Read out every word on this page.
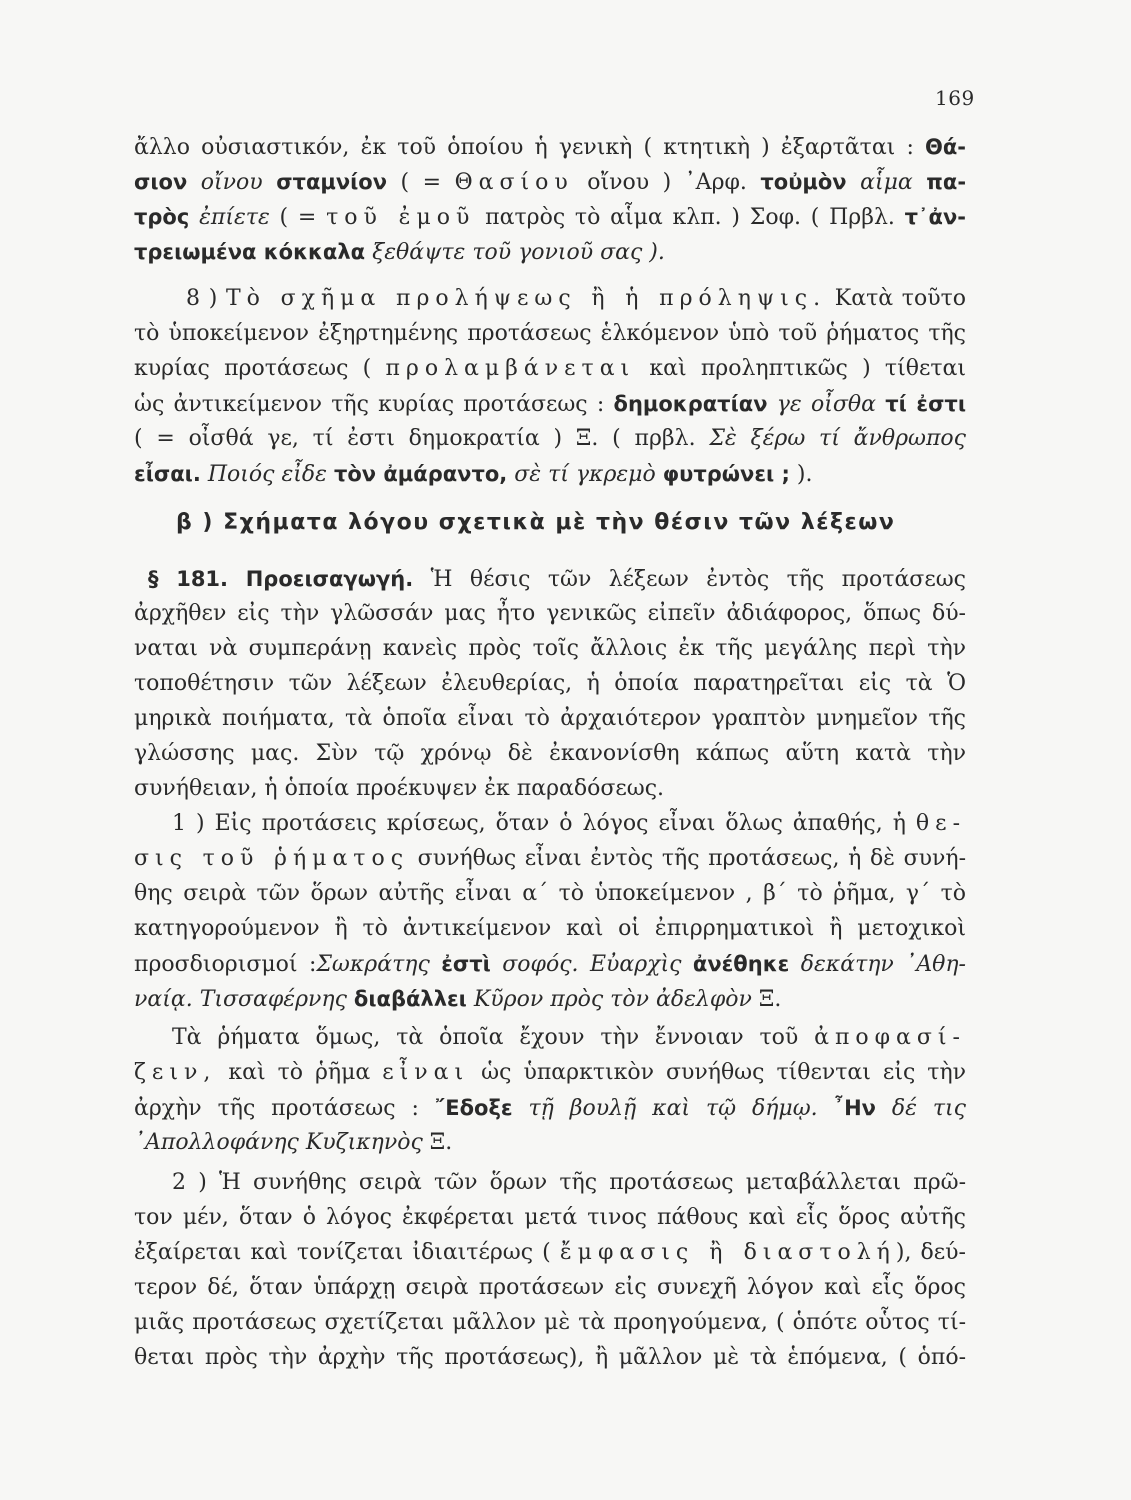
169
β ) Σχήματα λόγου σχετικὰ μὲ τὴν θέσιν τῶν λέξεων
ἄλλο οὐσιαστικόν, ἐκ τοῦ ὁποίου ἡ γενικὴ ( κτητικὴ ) ἐξαρτᾶται : Θά-
σιον οἴνου σταμνίον ( = Θασίου οἴνου ) ᾿Αρφ. τοὐμὸν αἷμα πα-
τρὸς ἐπίετε ( = τοῦ ἐμοῦ πατρὸς τὸ αἷμα κλπ. ) Σοφ. ( Πρβλ. τ᾿ἀν-
τρειωμένα κόκκαλα ξεθάψτε τοῦ γονιοῦ σας ).
8 ) Τὸ σχῆμα προλήψεως ἢ ἡ πρόληψις. Κατὰ τοῦτο
τὸ ὑποκείμενον ἐξηρτημένης προτάσεως ἑλκόμενον ὑπὸ τοῦ ῥήματος τῆς
κυρίας προτάσεως ( προλαμβάνεται καὶ προληπτικῶς ) τίθεται
ὡς ἀντικείμενον τῆς κυρίας προτάσεως : δημοκρατίαν γε οἶσθα τί ἐστι
( = οἶσθά γε, τί ἐστι δημοκρατία ) Ξ. ( πρβλ. Σὲ ξέρω τί ἄνθρωπος
εἶσαι. Ποιός εἶδε τὸν ἀμάραντο, σὲ τί γκρεμὸ φυτρώνει ; ).
§ 181. Προεισαγωγή. Ἡ θέσις τῶν λέξεων ἐντὸς τῆς προτάσεως
ἀρχῆθεν εἰς τὴν γλῶσσάν μας ἦτο γενικῶς εἰπεῖν ἀδιάφορος, ὅπως δύ-
ναται νὰ συμπεράνῃ κανεὶς πρὸς τοῖς ἄλλοις ἐκ τῆς μεγάλης περὶ τὴν
τοποθέτησιν τῶν λέξεων ἐλευθερίας, ἡ ὁποία παρατηρεῖται εἰς τὰ Ὁ
μηρικὰ ποιήματα, τὰ ὁποῖα εἶναι τὸ ἀρχαιότερον γραπτὸν μνημεῖον τῆς
γλώσσης μας. Σὺν τῷ χρόνῳ δὲ ἐκανονίσθη κάπως αὕτη κατὰ τὴν
συνήθειαν, ἡ ὁποία προέκυψεν ἐκ παραδόσεως.
1 ) Εἰς προτάσεις κρίσεως, ὅταν ὁ λόγος εἶναι ὅλως ἀπαθής, ἡ θε-
σις τοῦ ῥήματος συνήθως εἶναι ἐντὸς τῆς προτάσεως, ἡ δὲ συνή-
θης σειρὰ τῶν ὅρων αὐτῆς εἶναι α΄ τὸ ὑποκείμενον , β΄ τὸ ῥῆμα, γ΄ τὸ
κατηγορούμενον ἢ τὸ ἀντικείμενον καὶ οἱ ἐπιρρηματικοὶ ἢ μετοχικοὶ
προσδιορισμοί :Σωκράτης ἐστὶ σοφός. Εὐαρχὶς ἀνέθηκε δεκάτην ᾿Αθη-
ναίᾳ. Τισσαφέρνης διαβάλλει Κῦρον πρὸς τὸν ἀδελφὸν Ξ.
Τὰ ῥήματα ὅμως, τὰ ὁποῖα ἔχουν τὴν ἔννοιαν τοῦ ἀποφασί-
ζειν, καὶ τὸ ῥῆμα εἶναι ὡς ὑπαρκτικὸν συνήθως τίθενται εἰς τὴν
ἀρχὴν τῆς προτάσεως : ῎Εδοξε τῇ βουλῇ καὶ τῷ δήμῳ. ῏Ην δέ τις
᾿Απολλοφάνης Κυζικηνὸς Ξ.
2 ) Ἡ συνήθης σειρὰ τῶν ὅρων τῆς προτάσεως μεταβάλλεται πρῶ-
τον μέν, ὅταν ὁ λόγος ἐκφέρεται μετά τινος πάθους καὶ εἷς ὅρος αὐτῆς
ἐξαίρεται καὶ τονίζεται ἰδιαιτέρως ( ἔμφασις ἢ διαστολή), δεύ-
τερον δέ, ὅταν ὑπάρχῃ σειρὰ προτάσεων εἰς συνεχῆ λόγον καὶ εἷς ὅρος
μιᾶς προτάσεως σχετίζεται μᾶλλον μὲ τὰ προηγούμενα, ( ὁπότε οὗτος τί-
θεται πρὸς τὴν ἀρχὴν τῆς προτάσεως), ἢ μᾶλλον μὲ τὰ ἑπόμενα, ( ὁπό-
